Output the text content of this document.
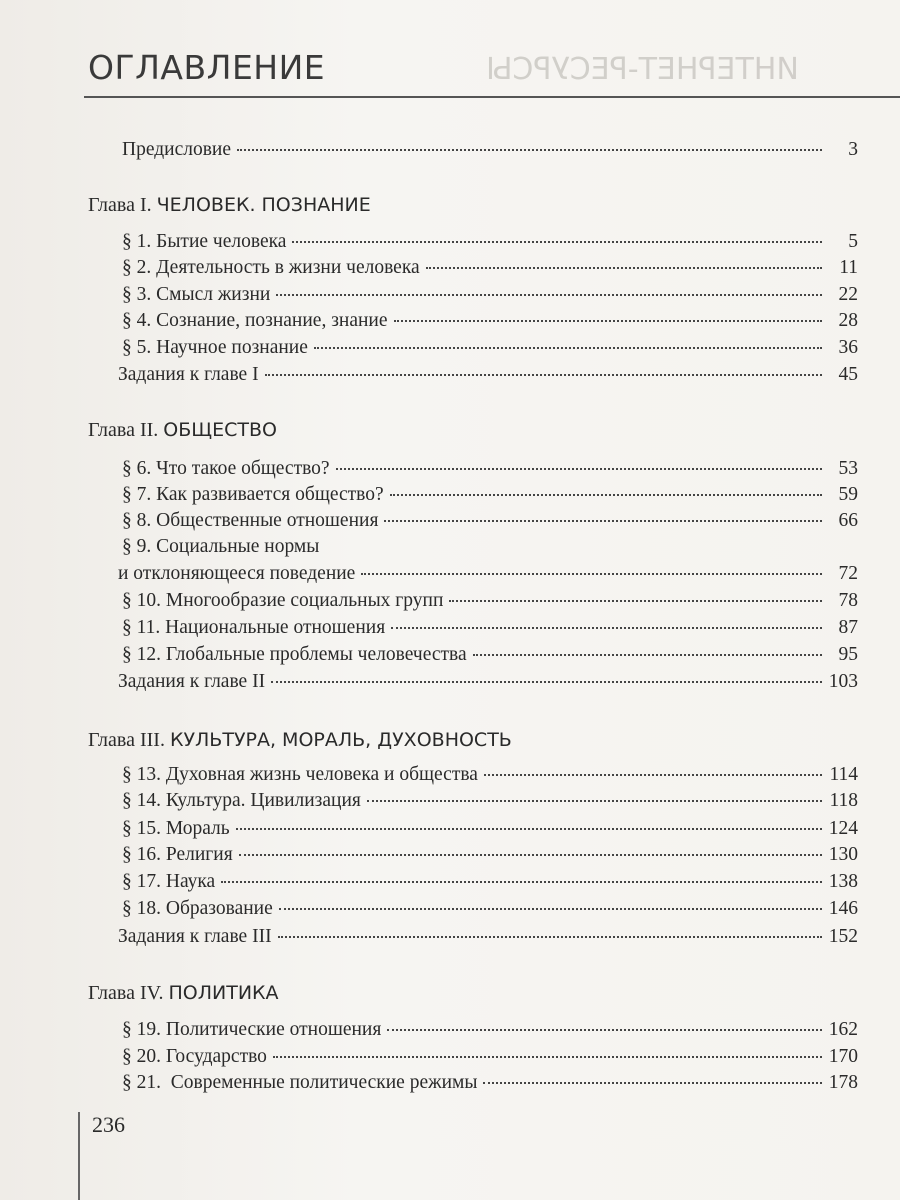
ИНТЕРНЕТ-РЕСУРСЫ
ОГЛАВЛЕНИЕ
Предисловие	3
Глава I. ЧЕЛОВЕК. ПОЗНАНИЕ
§ 1. Бытие человека	5
§ 2. Деятельность в жизни человека	11
§ 3. Смысл жизни	22
§ 4. Сознание, познание, знание	28
§ 5. Научное познание	36
Задания к главе I	45
Глава II. ОБЩЕСТВО
§ 6. Что такое общество?	53
§ 7. Как развивается общество?	59
§ 8. Общественные отношения	66
§ 9. Социальные нормы
и отклоняющееся поведение	72
§ 10. Многообразие социальных групп	78
§ 11. Национальные отношения	87
§ 12. Глобальные проблемы человечества	95
Задания к главе II	103
Глава III. КУЛЬТУРА, МОРАЛЬ, ДУХОВНОСТЬ
§ 13. Духовная жизнь человека и общества	114
§ 14. Культура. Цивилизация	118
§ 15. Мораль	124
§ 16. Религия	130
§ 17. Наука	138
§ 18. Образование	146
Задания к главе III	152
Глава IV. ПОЛИТИКА
§ 19. Политические отношения	162
§ 20. Государство	170
§ 21.  Современные политические режимы	178
236
